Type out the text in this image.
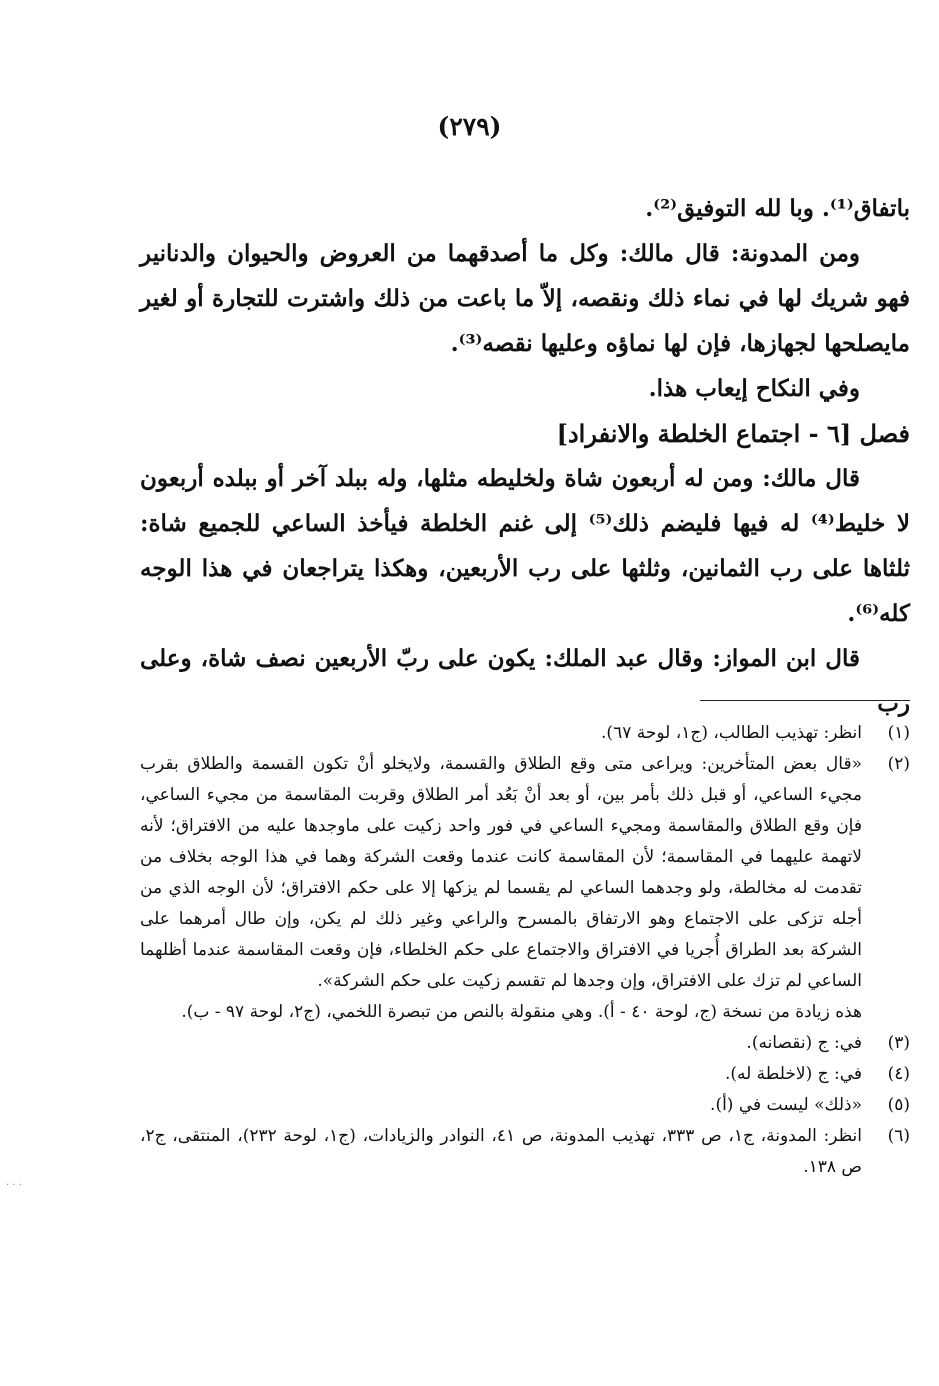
(٢٧٩)

باتفاق⁽¹⁾. وبا لله التوفيق⁽²⁾.

ومن المدونة: قال مالك: وكل ما أصدقهما من العروض والحيوان والدنانير فهو شريك لها في نماء ذلك ونقصه، إلاّ ما باعت من ذلك واشترت للتجارة أو لغير مايصلحها لجهازها، فإن لها نماؤه وعليها نقصه⁽³⁾.

وفي النكاح إيعاب هذا.

فصل [٦ - اجتماع الخلطة والانفراد]

قال مالك: ومن له أربعون شاة ولخليطه مثلها، وله ببلد آخر أو ببلده أربعون لا خليط⁽⁴⁾ له فيها فليضم ذلك⁽⁵⁾ إلى غنم الخلطة فيأخذ الساعي للجميع شاة: ثلثاها على رب الثمانين، وثلثها على رب الأربعين، وهكذا يتراجعان في هذا الوجه كله⁽⁶⁾.

قال ابن المواز: وقال عبد الملك: يكون على ربّ الأربعين نصف شاة، وعلى رب

(١)
انظر: تهذيب الطالب، (ج١، لوحة ٦٧).
(٢)
«قال بعض المتأخرين: ويراعى متى وقع الطلاق والقسمة، ولايخلو أنْ تكون القسمة والطلاق بقرب مجيء الساعي، أو قبل ذلك بأمر بين، أو بعد أنْ بَعُد أمر الطلاق وقربت المقاسمة من مجيء الساعي، فإن وقع الطلاق والمقاسمة ومجيء الساعي في فور واحد زكيت على ماوجدها عليه من الافتراق؛ لأنه لاتهمة عليهما في المقاسمة؛ لأن المقاسمة كانت عندما وقعت الشركة وهما في هذا الوجه بخلاف من تقدمت له مخالطة، ولو وجدهما الساعي لم يقسما لم يزكها إلا على حكم الافتراق؛ لأن الوجه الذي من أجله تزكى على الاجتماع وهو الارتفاق بالمسرح والراعي وغير ذلك لم يكن، وإن طال أمرهما على الشركة بعد الطراق أُجريا في الافتراق والاجتماع على حكم الخلطاء، فإن وقعت المقاسمة عندما أظلهما الساعي لم تزك على الافتراق، وإن وجدها لم تقسم زكيت على حكم الشركة».

هذه زيادة من نسخة (ج، لوحة ٤٠ - أ). وهي منقولة بالنص من تبصرة اللخمي، (ج٢، لوحة ٩٧ - ب).

(٣)
في: ج (نقصانه).
(٤)
في: ج (لاخلطة له).
(٥)
«ذلك» ليست في (أ).
(٦)
انظر: المدونة، ج١، ص ٣٣٣، تهذيب المدونة، ص ٤١، النوادر والزيادات، (ج١، لوحة ٢٣٢)، المنتقى، ج٢، ص ١٣٨.
· · ·
